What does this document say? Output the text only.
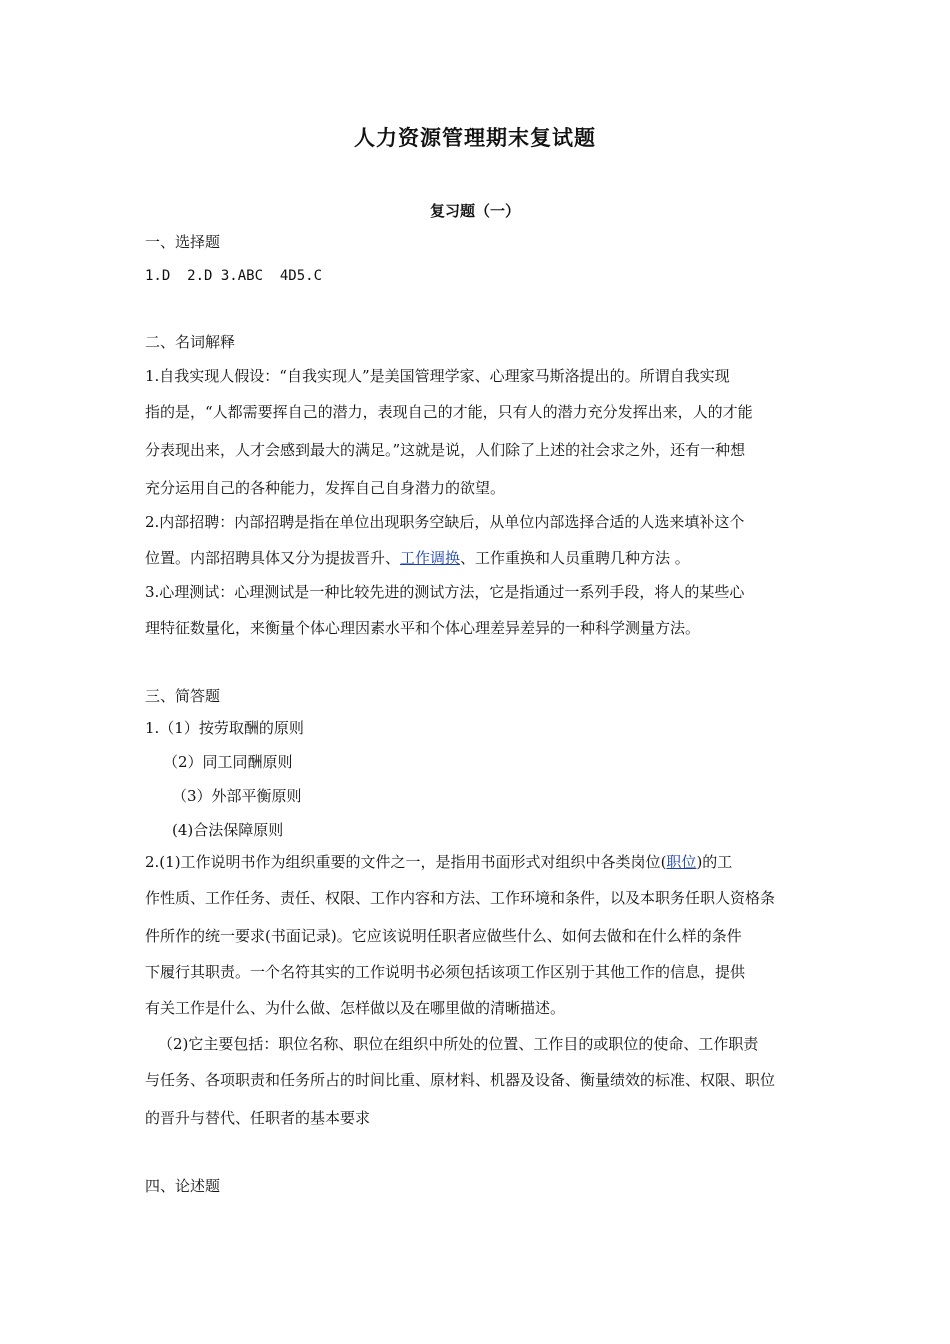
人力资源管理期末复试题
复习题（一）
一、选择题
1.D  2.D 3.ABC  4D5.C
二、名词解释
1.自我实现人假设：“自我实现人”是美国管理学家、心理家马斯洛提出的。所谓自我实现
指的是，“人都需要挥自己的潜力，表现自己的才能，只有人的潜力充分发挥出来，人的才能
分表现出来，人才会感到最大的满足。”这就是说，人们除了上述的社会求之外，还有一种想
充分运用自己的各种能力，发挥自己自身潜力的欲望。
2.内部招聘：内部招聘是指在单位出现职务空缺后，从单位内部选择合适的人选来填补这个
位置。内部招聘具体又分为提拔晋升、工作调换、工作重换和人员重聘几种方法 。
3.心理测试：心理测试是一种比较先进的测试方法，它是指通过一系列手段，将人的某些心
理特征数量化，来衡量个体心理因素水平和个体心理差异差异的一种科学测量方法。
三、简答题
1.（1）按劳取酬的原则
（2）同工同酬原则
（3）外部平衡原则
(4)合法保障原则
2.(1)工作说明书作为组织重要的文件之一，是指用书面形式对组织中各类岗位(职位)的工
作性质、工作任务、责任、权限、工作内容和方法、工作环境和条件，以及本职务任职人资格条
件所作的统一要求(书面记录)。它应该说明任职者应做些什么、如何去做和在什么样的条件
下履行其职责。一个名符其实的工作说明书必须包括该项工作区别于其他工作的信息，提供
有关工作是什么、为什么做、怎样做以及在哪里做的清晰描述。
（2)它主要包括：职位名称、职位在组织中所处的位置、工作目的或职位的使命、工作职责
与任务、各项职责和任务所占的时间比重、原材料、机器及设备、衡量绩效的标准、权限、职位
的晋升与替代、任职者的基本要求
四、论述题
